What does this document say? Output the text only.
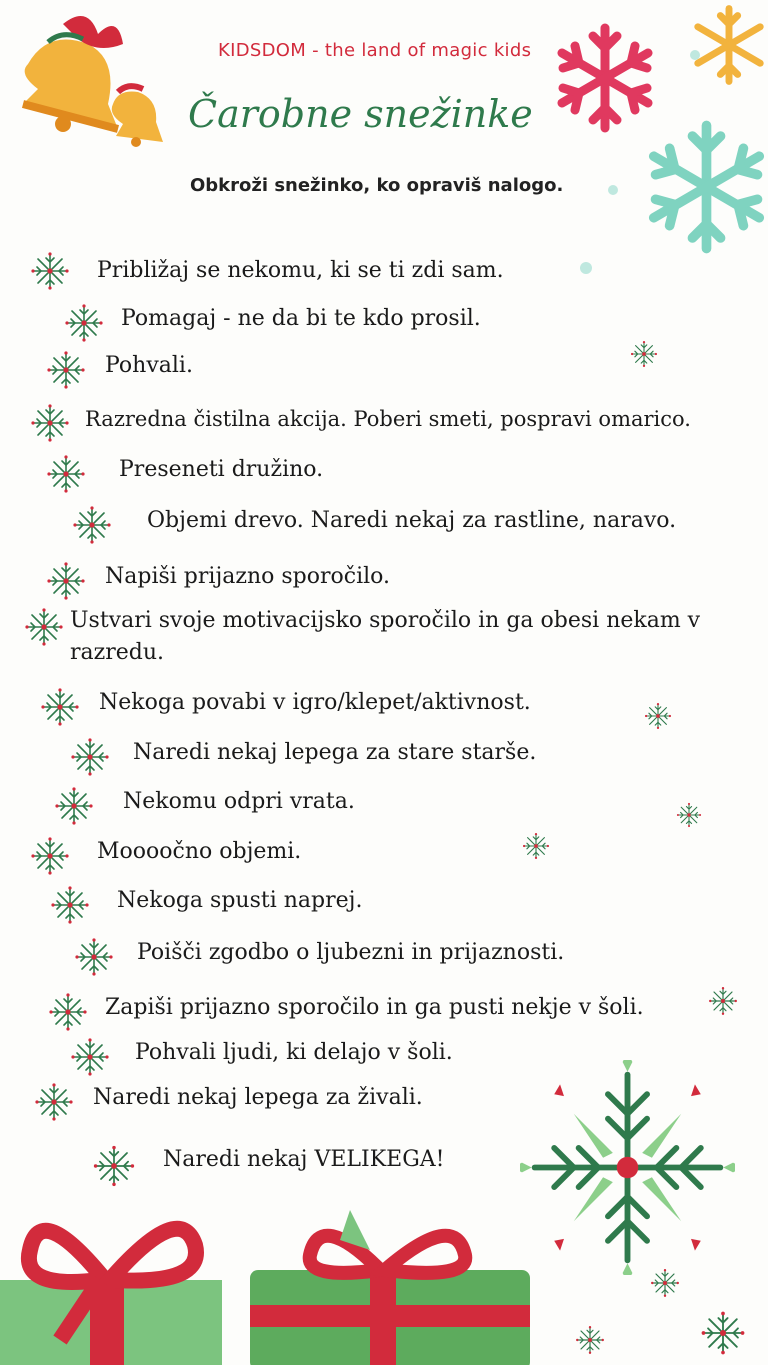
KIDSDOM - the land of magic kids
Čarobne snežinke
Obkroži snežinko, ko opraviš nalogo.
Približaj se nekomu, ki se ti zdi sam.
Pomagaj - ne da bi te kdo prosil.
Pohvali.
Razredna čistilna akcija. Poberi smeti, pospravi omarico.
Preseneti družino.
Objemi drevo. Naredi nekaj za rastline, naravo.
Napiši prijazno sporočilo.
Ustvari svoje motivacijsko sporočilo in ga obesi nekam v razredu.
Nekoga povabi v igro/klepet/aktivnost.
Naredi nekaj lepega za stare starše.
Nekomu odpri vrata.
Moooočno objemi.
Nekoga spusti naprej.
Poišči zgodbo o ljubezni in prijaznosti.
Zapiši prijazno sporočilo in ga pusti nekje v šoli.
Pohvali ljudi, ki delajo v šoli.
Naredi nekaj lepega za živali.
Naredi nekaj VELIKEGA!
